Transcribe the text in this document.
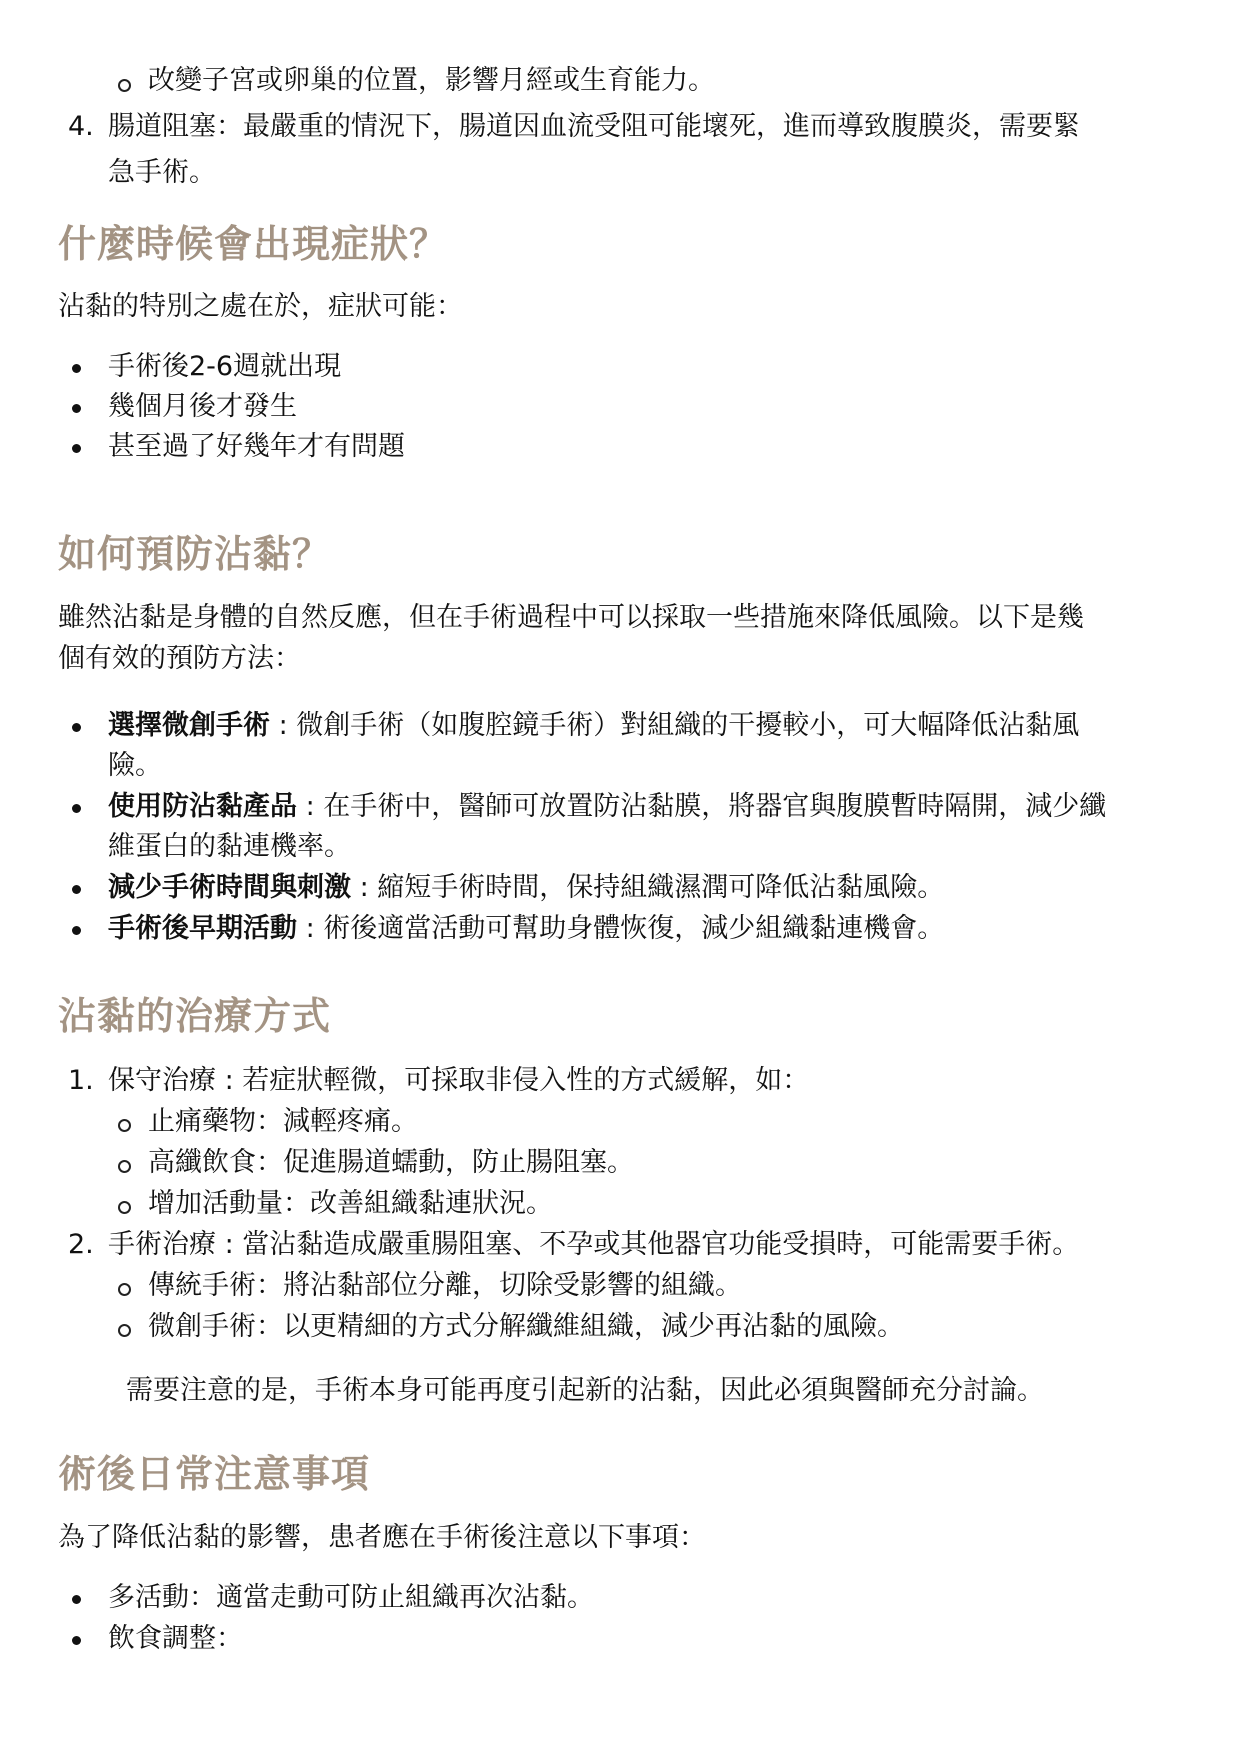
改變子宮或卵巢的位置，影響月經或生育能力。
4. 腸道阻塞：最嚴重的情況下，腸道因血流受阻可能壞死，進而導致腹膜炎，需要緊
急手術。
什麼時候會出現症狀？
沾黏的特別之處在於，症狀可能：
手術後2-6週就出現
幾個月後才發生
甚至過了好幾年才有問題
如何預防沾黏？
雖然沾黏是身體的自然反應，但在手術過程中可以採取一些措施來降低風險。以下是幾
個有效的預防方法：
選擇微創手術 : 微創手術（如腹腔鏡手術）對組織的干擾較小，可大幅降低沾黏風
險。
使用防沾黏產品 : 在手術中，醫師可放置防沾黏膜，將器官與腹膜暫時隔開，減少纖
維蛋白的黏連機率。
減少手術時間與刺激 : 縮短手術時間，保持組織濕潤可降低沾黏風險。
手術後早期活動 : 術後適當活動可幫助身體恢復，減少組織黏連機會。
沾黏的治療方式
1. 保守治療 : 若症狀輕微，可採取非侵入性的方式緩解，如：
止痛藥物：減輕疼痛。
高纖飲食：促進腸道蠕動，防止腸阻塞。
增加活動量：改善組織黏連狀況。
2. 手術治療 : 當沾黏造成嚴重腸阻塞、不孕或其他器官功能受損時，可能需要手術。
傳統手術：將沾黏部位分離，切除受影響的組織。
微創手術：以更精細的方式分解纖維組織，減少再沾黏的風險。
需要注意的是，手術本身可能再度引起新的沾黏，因此必須與醫師充分討論。
術後日常注意事項
為了降低沾黏的影響，患者應在手術後注意以下事項：
多活動：適當走動可防止組織再次沾黏。
飲食調整：
